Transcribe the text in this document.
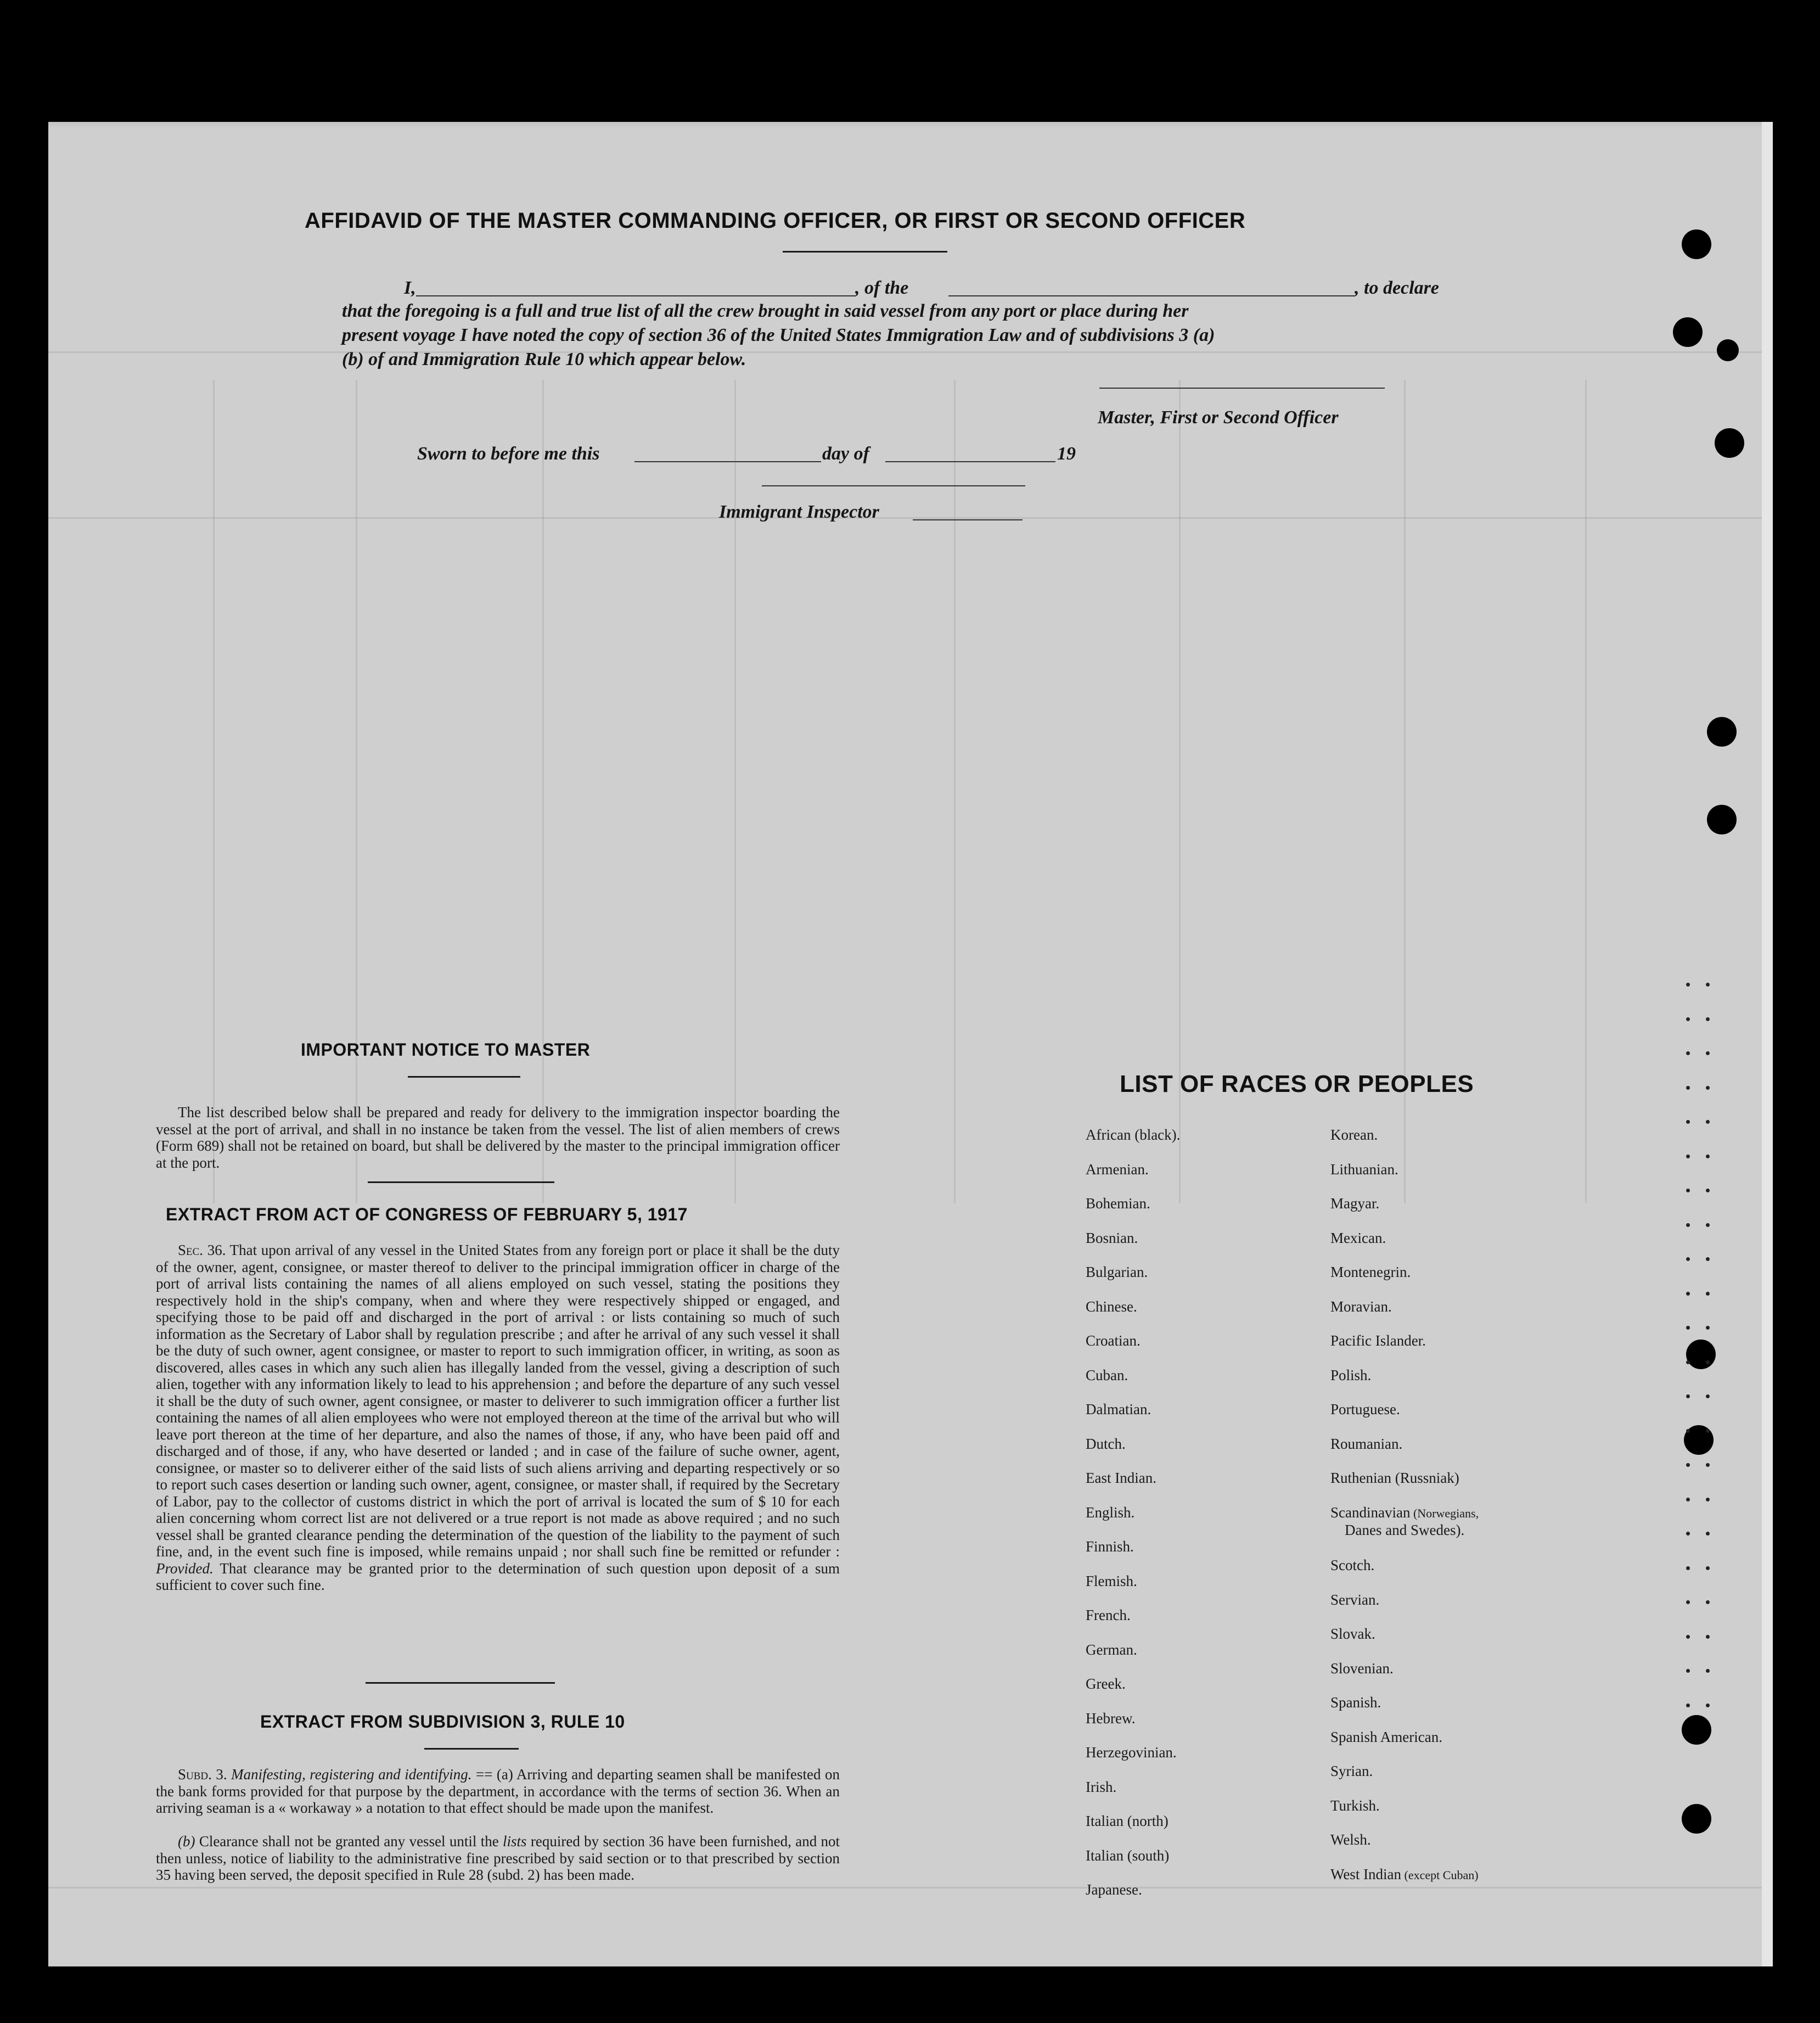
AFFIDAVID OF THE MASTER COMMANDING OFFICER, OR FIRST OR SECOND OFFICER
I,	, of the	, to declare
that the foregoing is a full and true list of all the crew brought in said vessel from any port or place during her
present voyage I have noted the copy of section 36 of the United States Immigration Law and of subdivisions 3 (a)
(b) of and Immigration Rule 10 which appear below.
Master, First or Second Officer
Sworn to before me this	day of	19
Immigrant Inspector
IMPORTANT NOTICE TO MASTER
The list described below shall be prepared and ready for delivery to the immigration inspector boarding the vessel at the port of arrival, and shall in no instance be taken from the vessel. The list of alien members of crews (Form 689) shall not be retained on board, but shall be delivered by the master to the principal immigration officer at the port.
EXTRACT FROM ACT OF CONGRESS OF FEBRUARY 5, 1917
Sec. 36. That upon arrival of any vessel in the United States from any foreign port or place it shall be the duty of the owner, agent, consignee, or master thereof to deliver to the principal immigration officer in charge of the port of arrival lists containing the names of all aliens employed on such vessel, stating the positions they respectively hold in the ship's company, when and where they were respectively shipped or engaged, and specifying those to be paid off and discharged in the port of arrival : or lists containing so much of such information as the Secretary of Labor shall by regulation prescribe ; and after he arrival of any such vessel it shall be the duty of such owner, agent consignee, or master to report to such immigration officer, in writing, as soon as discovered, alles cases in which any such alien has illegally landed from the vessel, giving a description of such alien, together with any information likely to lead to his apprehension ; and before the departure of any such vessel it shall be the duty of such owner, agent consignee, or master to deliverer to such immigration officer a further list containing the names of all alien employees who were not employed thereon at the time of the arrival but who will leave port thereon at the time of her departure, and also the names of those, if any, who have been paid off and discharged and of those, if any, who have deserted or landed ; and in case of the failure of suche owner, agent, consignee, or master so to deliverer either of the said lists of such aliens arriving and departing respectively or so to report such cases desertion or landing such owner, agent, consignee, or master shall, if required by the Secretary of Labor, pay to the collector of customs district in which the port of arrival is located the sum of $ 10 for each alien concerning whom correct list are not delivered or a true report is not made as above required ; and no such vessel shall be granted clearance pending the determination of the question of the liability to the payment of such fine, and, in the event such fine is imposed, while remains unpaid ; nor shall such fine be remitted or refunder : Provided. That clearance may be granted prior to the determination of such question upon deposit of a sum sufficient to cover such fine.
EXTRACT FROM SUBDIVISION 3, RULE 10
Subd. 3. Manifesting, registering and identifying. == (a) Arriving and departing seamen shall be manifested on the bank forms provided for that purpose by the department, in accordance with the terms of section 36. When an arriving seaman is a « workaway » a notation to that effect should be made upon the manifest.
(b) Clearance shall not be granted any vessel until the lists required by section 36 have been furnished, and not then unless, notice of liability to the administrative fine prescribed by said section or to that prescribed by section 35 having been served, the deposit specified in Rule 28 (subd. 2) has been made.
LIST OF RACES OR PEOPLES
African (black).
Armenian.
Bohemian.
Bosnian.
Bulgarian.
Chinese.
Croatian.
Cuban.
Dalmatian.
Dutch.
East Indian.
English.
Finnish.
Flemish.
French.
German.
Greek.
Hebrew.
Herzegovinian.
Irish.
Italian (north)
Italian (south)
Japanese.
Korean.
Lithuanian.
Magyar.
Mexican.
Montenegrin.
Moravian.
Pacific Islander.
Polish.
Portuguese.
Roumanian.
Ruthenian (Russniak)
Danes and Swedes).
Scandinavian (Norwegians,
Scotch.
Servian.
Slovak.
Slovenian.
Spanish.
Spanish American.
Syrian.
Turkish.
Welsh.
West Indian (except Cuban)
